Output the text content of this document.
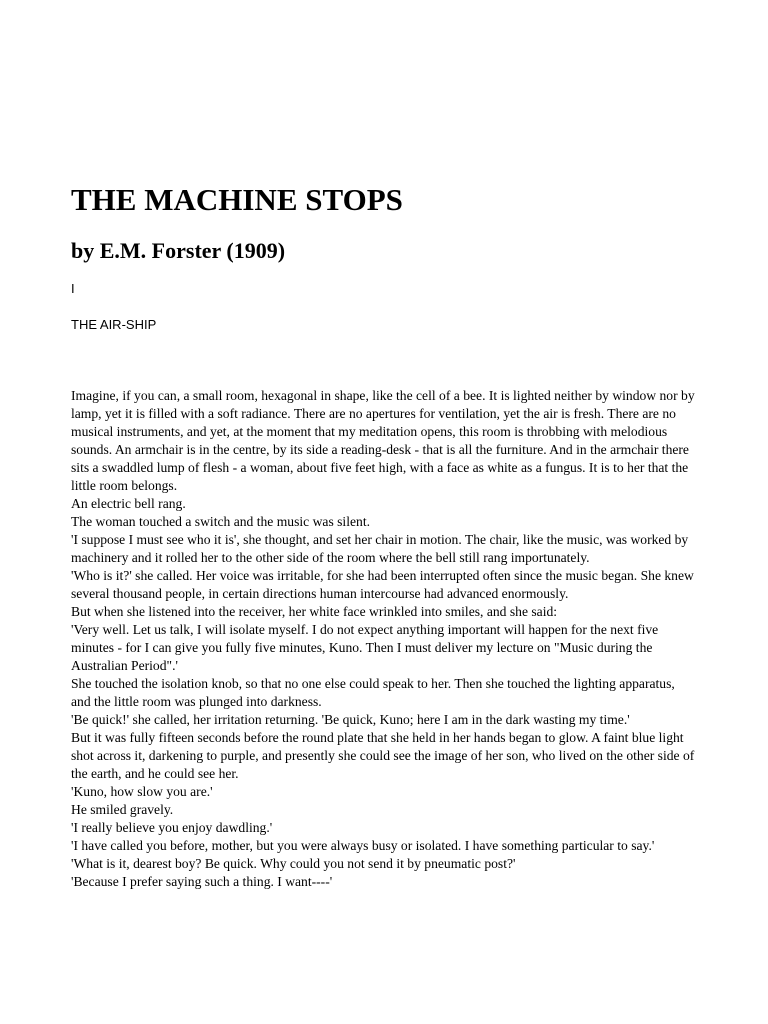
THE MACHINE STOPS
by E.M. Forster (1909)
I
THE AIR-SHIP

Imagine, if you can, a small room, hexagonal in shape, like the cell of a bee. It is lighted neither by window nor by lamp, yet it is filled with a soft radiance. There are no apertures for ventilation, yet the air is fresh. There are no musical instruments, and yet, at the moment that my meditation opens, this room is throbbing with melodious sounds. An armchair is in the centre, by its side a reading-desk - that is all the furniture. And in the armchair there sits a swaddled lump of flesh - a woman, about five feet high, with a face as white as a fungus. It is to her that the little room belongs.

An electric bell rang.

The woman touched a switch and the music was silent.

'I suppose I must see who it is', she thought, and set her chair in motion. The chair, like the music, was worked by machinery and it rolled her to the other side of the room where the bell still rang importunately.

'Who is it?' she called. Her voice was irritable, for she had been interrupted often since the music began. She knew several thousand people, in certain directions human intercourse had advanced enormously.

But when she listened into the receiver, her white face wrinkled into smiles, and she said:

'Very well. Let us talk, I will isolate myself. I do not expect anything important will happen for the next five minutes - for I can give you fully five minutes, Kuno. Then I must deliver my lecture on "Music during the Australian Period".'

She touched the isolation knob, so that no one else could speak to her. Then she touched the lighting apparatus, and the little room was plunged into darkness.

'Be quick!' she called, her irritation returning. 'Be quick, Kuno; here I am in the dark wasting my time.'

But it was fully fifteen seconds before the round plate that she held in her hands began to glow. A faint blue light shot across it, darkening to purple, and presently she could see the image of her son, who lived on the other side of the earth, and he could see her.

'Kuno, how slow you are.'

He smiled gravely.

'I really believe you enjoy dawdling.'

'I have called you before, mother, but you were always busy or isolated. I have something particular to say.'

'What is it, dearest boy? Be quick. Why could you not send it by pneumatic post?'

'Because I prefer saying such a thing. I want----'
